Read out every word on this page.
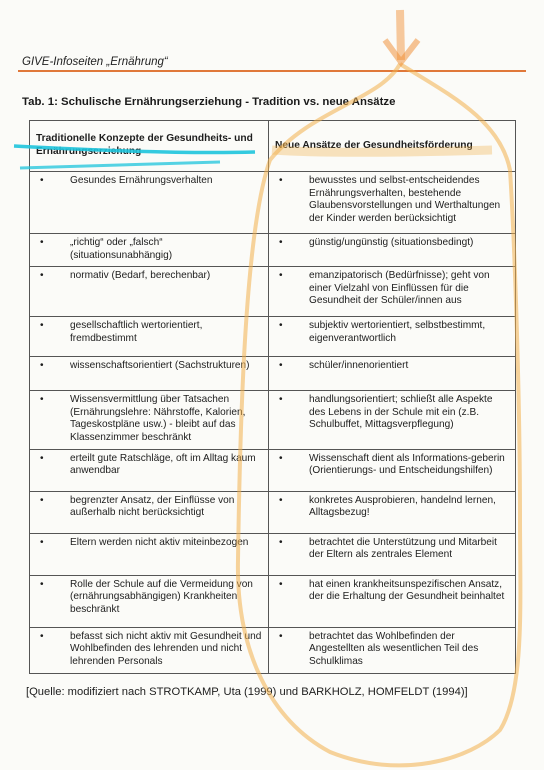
GIVE-Infoseiten „Ernährung“
Tab. 1: Schulische Ernährungserziehung - Tradition vs. neue Ansätze
Traditionelle Konzepte der Gesundheits- und Ernährungserziehung	Neue Ansätze der Gesundheitsförderung

• Gesundes Ernährungsverhalten	• bewusstes und selbst-entscheidendes Ernährungsverhalten, bestehende Glaubensvorstellungen und Werthaltungen der Kinder werden berücksichtigt

• „richtig“ oder „falsch“ (situationsunabhängig)	• günstig/ungünstig (situationsbedingt)

• normativ (Bedarf, berechenbar)	• emanzipatorisch (Bedürfnisse); geht von einer Vielzahl von Einflüssen für die Gesundheit der Schüler/innen aus

• gesellschaftlich wertorientiert, fremdbestimmt	• subjektiv wertorientiert, selbstbestimmt, eigenverantwortlich

• wissenschaftsorientiert (Sachstrukturen)	• schüler/innenorientiert

• Wissensvermittlung über Tatsachen (Ernährungslehre: Nährstoffe, Kalorien, Tageskostpläne usw.) - bleibt auf das Klassenzimmer beschränkt	• handlungsorientiert; schließt alle Aspekte des Lebens in der Schule mit ein (z.B. Schulbuffet, Mittagsverpflegung)

• erteilt gute Ratschläge, oft im Alltag kaum anwendbar	• Wissenschaft dient als Informations-geberin (Orientierungs- und Entscheidungshilfen)

• begrenzter Ansatz, der Einflüsse von außerhalb nicht berücksichtigt	• konkretes Ausprobieren, handelnd lernen, Alltagsbezug!

• Eltern werden nicht aktiv miteinbezogen	• betrachtet die Unterstützung und Mitarbeit der Eltern als zentrales Element

• Rolle der Schule auf die Vermeidung von (ernährungsabhängigen) Krankheiten beschränkt	• hat einen krankheitsunspezifischen Ansatz, der die Erhaltung der Gesundheit beinhaltet

• befasst sich nicht aktiv mit Gesundheit und Wohlbefinden des lehrenden und nicht lehrenden Personals	• betrachtet das Wohlbefinden der Angestellten als wesentlichen Teil des Schulklimas
[Quelle: modifiziert nach STROTKAMP, Uta (1999) und BARKHOLZ, HOMFELDT (1994)]
